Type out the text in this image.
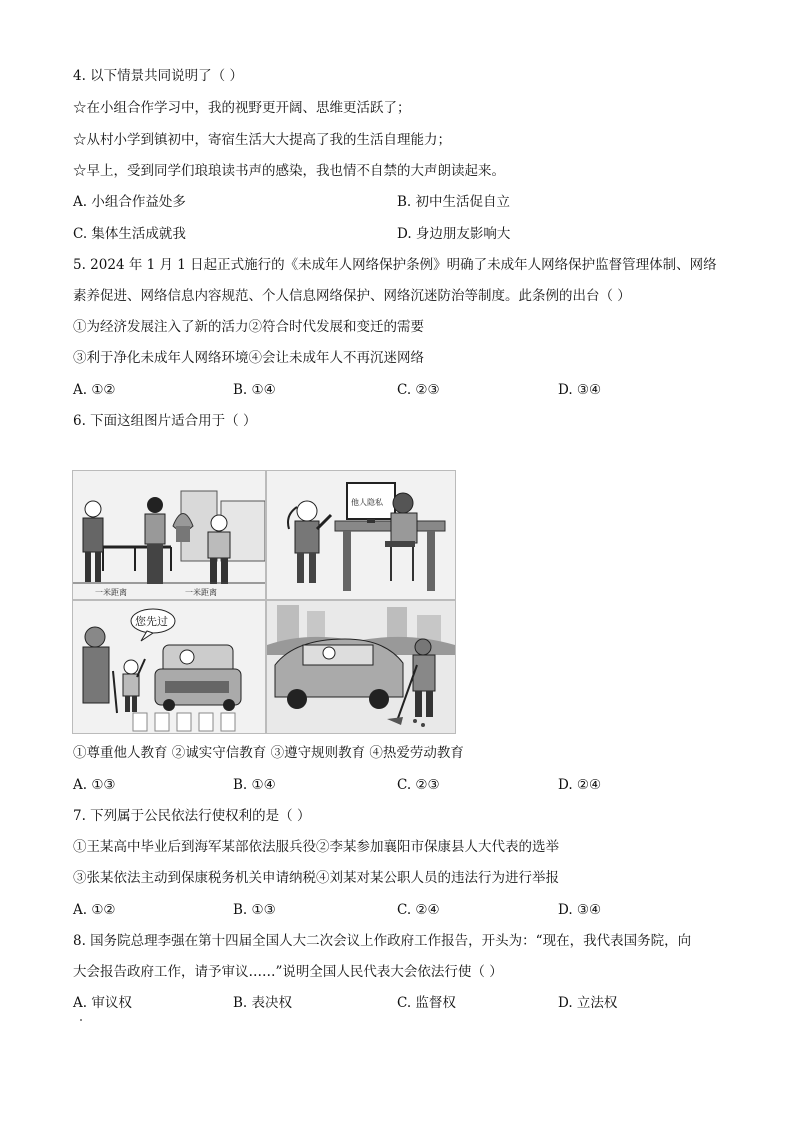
4. 以下情景共同说明了（ ）
☆在小组合作学习中，我的视野更开阔、思维更活跃了；
☆从村小学到镇初中，寄宿生活大大提高了我的生活自理能力；
☆早上，受到同学们琅琅读书声的感染，我也情不自禁的大声朗读起来。
A. 小组合作益处多	B. 初中生活促自立
C. 集体生活成就我	D. 身边朋友影响大
5. 2024 年 1 月 1 日起正式施行的《未成年人网络保护条例》明确了未成年人网络保护监督管理体制、网络
素养促进、网络信息内容规范、个人信息网络保护、网络沉迷防治等制度。此条例的出台（ ）
①为经济发展注入了新的活力②符合时代发展和变迁的需要
③利于净化未成年人网络环境④会让未成年人不再沉迷网络
A. ①②	B. ①④	C. ②③	D. ③④
6. 下面这组图片适合用于（ ）
一米距离	一米距离
他人隐私
您先过
①尊重他人教育 ②诚实守信教育 ③遵守规则教育 ④热爱劳动教育
A. ①③	B. ①④	C. ②③	D. ②④
7. 下列属于公民依法行使权利的是（ ）
①王某高中毕业后到海军某部依法服兵役②李某参加襄阳市保康县人大代表的选举
③张某依法主动到保康税务机关申请纳税④刘某对某公职人员的违法行为进行举报
A. ①②	B. ①③	C. ②④	D. ③④
8. 国务院总理李强在第十四届全国人大二次会议上作政府工作报告，开头为：“现在，我代表国务院，向
大会报告政府工作，请予审议……”说明全国人民代表大会依法行使（ ）
A. 审议权	B. 表决权	C. 监督权	D. 立法权
